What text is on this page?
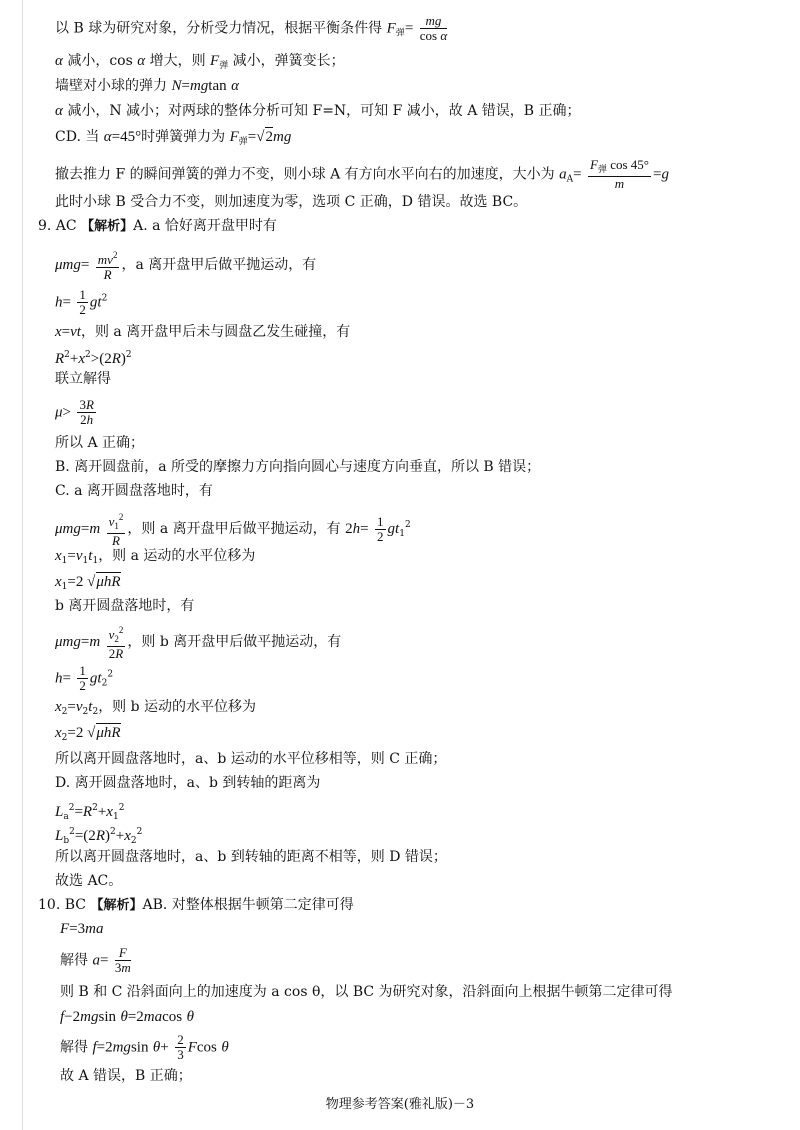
以 B 球为研究对象，分析受力情况，根据平衡条件得 $F_弹= \frac{mg}{\text{cos α}}$
α 减小，cos α 增大，则 $F_弹$ 减小，弹簧变长；
墙壁对小球的弹力 N=mgtan α
α 减小，N 减小；对两球的整体分析可知 F=N，可知 F 减小，故 A 错误，B 正确；
CD. 当 α=45°时弹簧弹力为 $F_弹=√2mg$
撤去推力 F 的瞬间弹簧的弹力不变，则小球 A 有方向水平向右的加速度，大小为 $a_A=$
$F_弹$ cos 45°
m
=g
此时小球 B 受合力不变，则加速度为零，选项 C 正确，D 错误。故选 BC。
9. AC 【解析】A. a 恰好离开盘甲时有
$\mu mg= \frac{mv^2}{R}$ ，a 离开盘甲后做平抛运动，有
$h= \frac{1}{2} gt^2$
x=vt，则 a 离开盘甲后未与圆盘乙发生碰撞，有
$R^2+x^2>(2R)^2$
联立解得
$\mu> \frac{3R}{2h}$
所以 A 正确；
B. 离开圆盘前，a 所受的摩擦力方向指向圆心与速度方向垂直，所以 B 错误；
C. a 离开圆盘落地时，有
$\mu mg=m \frac{v_1^2}{R}$ ，则 a 离开盘甲后做平抛运动，有 $2h= \frac{1}{2} gt_1^2$
$x_1=v_1t_1$，则 a 运动的水平位移为
$x_1=2$ √μhR
b 离开圆盘落地时，有
$\mu mg=m \frac{v_2^2}{2R}$ ，则 b 离开盘甲后做平抛运动，有
$h= \frac{1}{2} gt_2^2$
$x_2=v_2t_2$，则 b 运动的水平位移为
$x_2=2$ √μhR
所以离开圆盘落地时，a、b 运动的水平位移相等，则 C 正确；
D. 离开圆盘落地时，a、b 到转轴的距离为
$L_a^2=R^2+x_1^2$
$L_b^2=(2R)^2+x_2^2$
所以离开圆盘落地时，a、b 到转轴的距离不相等，则 D 错误；
故选 AC。
10. BC 【解析】AB. 对整体根据牛顿第二定律可得
F=3ma
解得 $a= \frac{F}{3m}$
则 B 和 C 沿斜面向上的加速度为 a cos θ，以 BC 为研究对象，沿斜面向上根据牛顿第二定律可得
f−2mgsin θ=2macos θ
解得 f=2mgsin $\theta+ \frac{2}{3}$ Fcos θ
故 A 错误，B 正确；
物理参考答案(雅礼版)－3
